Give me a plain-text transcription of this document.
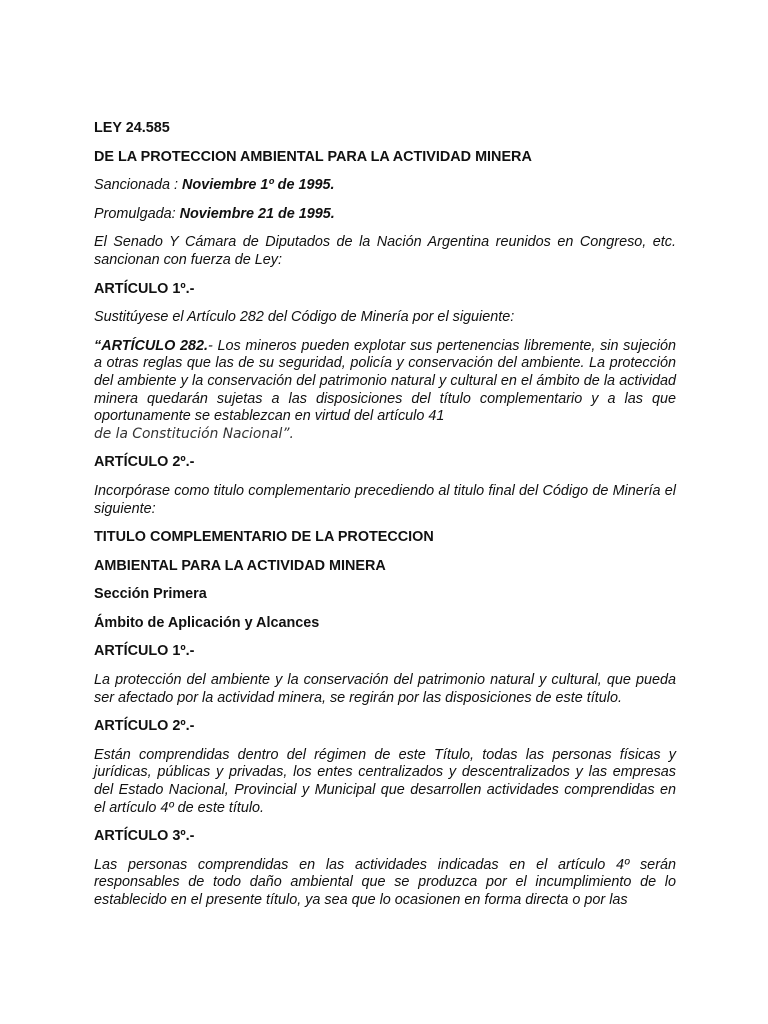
LEY 24.585

DE LA PROTECCION AMBIENTAL PARA LA ACTIVIDAD MINERA

Sancionada : Noviembre 1º de 1995.

Promulgada: Noviembre 21 de 1995.

El Senado Y Cámara de Diputados de la Nación Argentina reunidos en Congreso, etc. sancionan con fuerza de Ley:

ARTÍCULO 1º.-

Sustitúyese el Artículo 282 del Código de Minería por el siguiente:

“ARTÍCULO 282.- Los mineros pueden explotar sus pertenencias libremente, sin sujeción a otras reglas que las de su seguridad, policía y conservación del ambiente. La protección del ambiente y la conservación del patrimonio natural y cultural en el ámbito de la actividad minera quedarán sujetas a las disposiciones del título complementario y a las que oportunamente se establezcan en virtud del artículo 41
de la Constitución Nacional”.

ARTÍCULO 2º.-

Incorpórase como titulo complementario precediendo al titulo final del Código de Minería el siguiente:

TITULO COMPLEMENTARIO DE LA PROTECCION

AMBIENTAL PARA LA ACTIVIDAD MINERA

Sección Primera

Ámbito de Aplicación y Alcances

ARTÍCULO 1º.-

La protección del ambiente y la conservación del patrimonio natural y cultural, que pueda ser afectado por la actividad minera, se regirán por las disposiciones de este título.

ARTÍCULO 2º.-

Están comprendidas dentro del régimen de este Título, todas las personas físicas y jurídicas, públicas y privadas, los entes centralizados y descentralizados y las empresas del Estado Nacional, Provincial y Municipal que desarrollen actividades comprendidas en el artículo 4º de este título.

ARTÍCULO 3º.-

Las personas comprendidas en las actividades indicadas en el artículo 4º serán responsables de todo daño ambiental que se produzca por el incumplimiento de lo establecido en el presente título, ya sea que lo ocasionen en forma directa o por las
